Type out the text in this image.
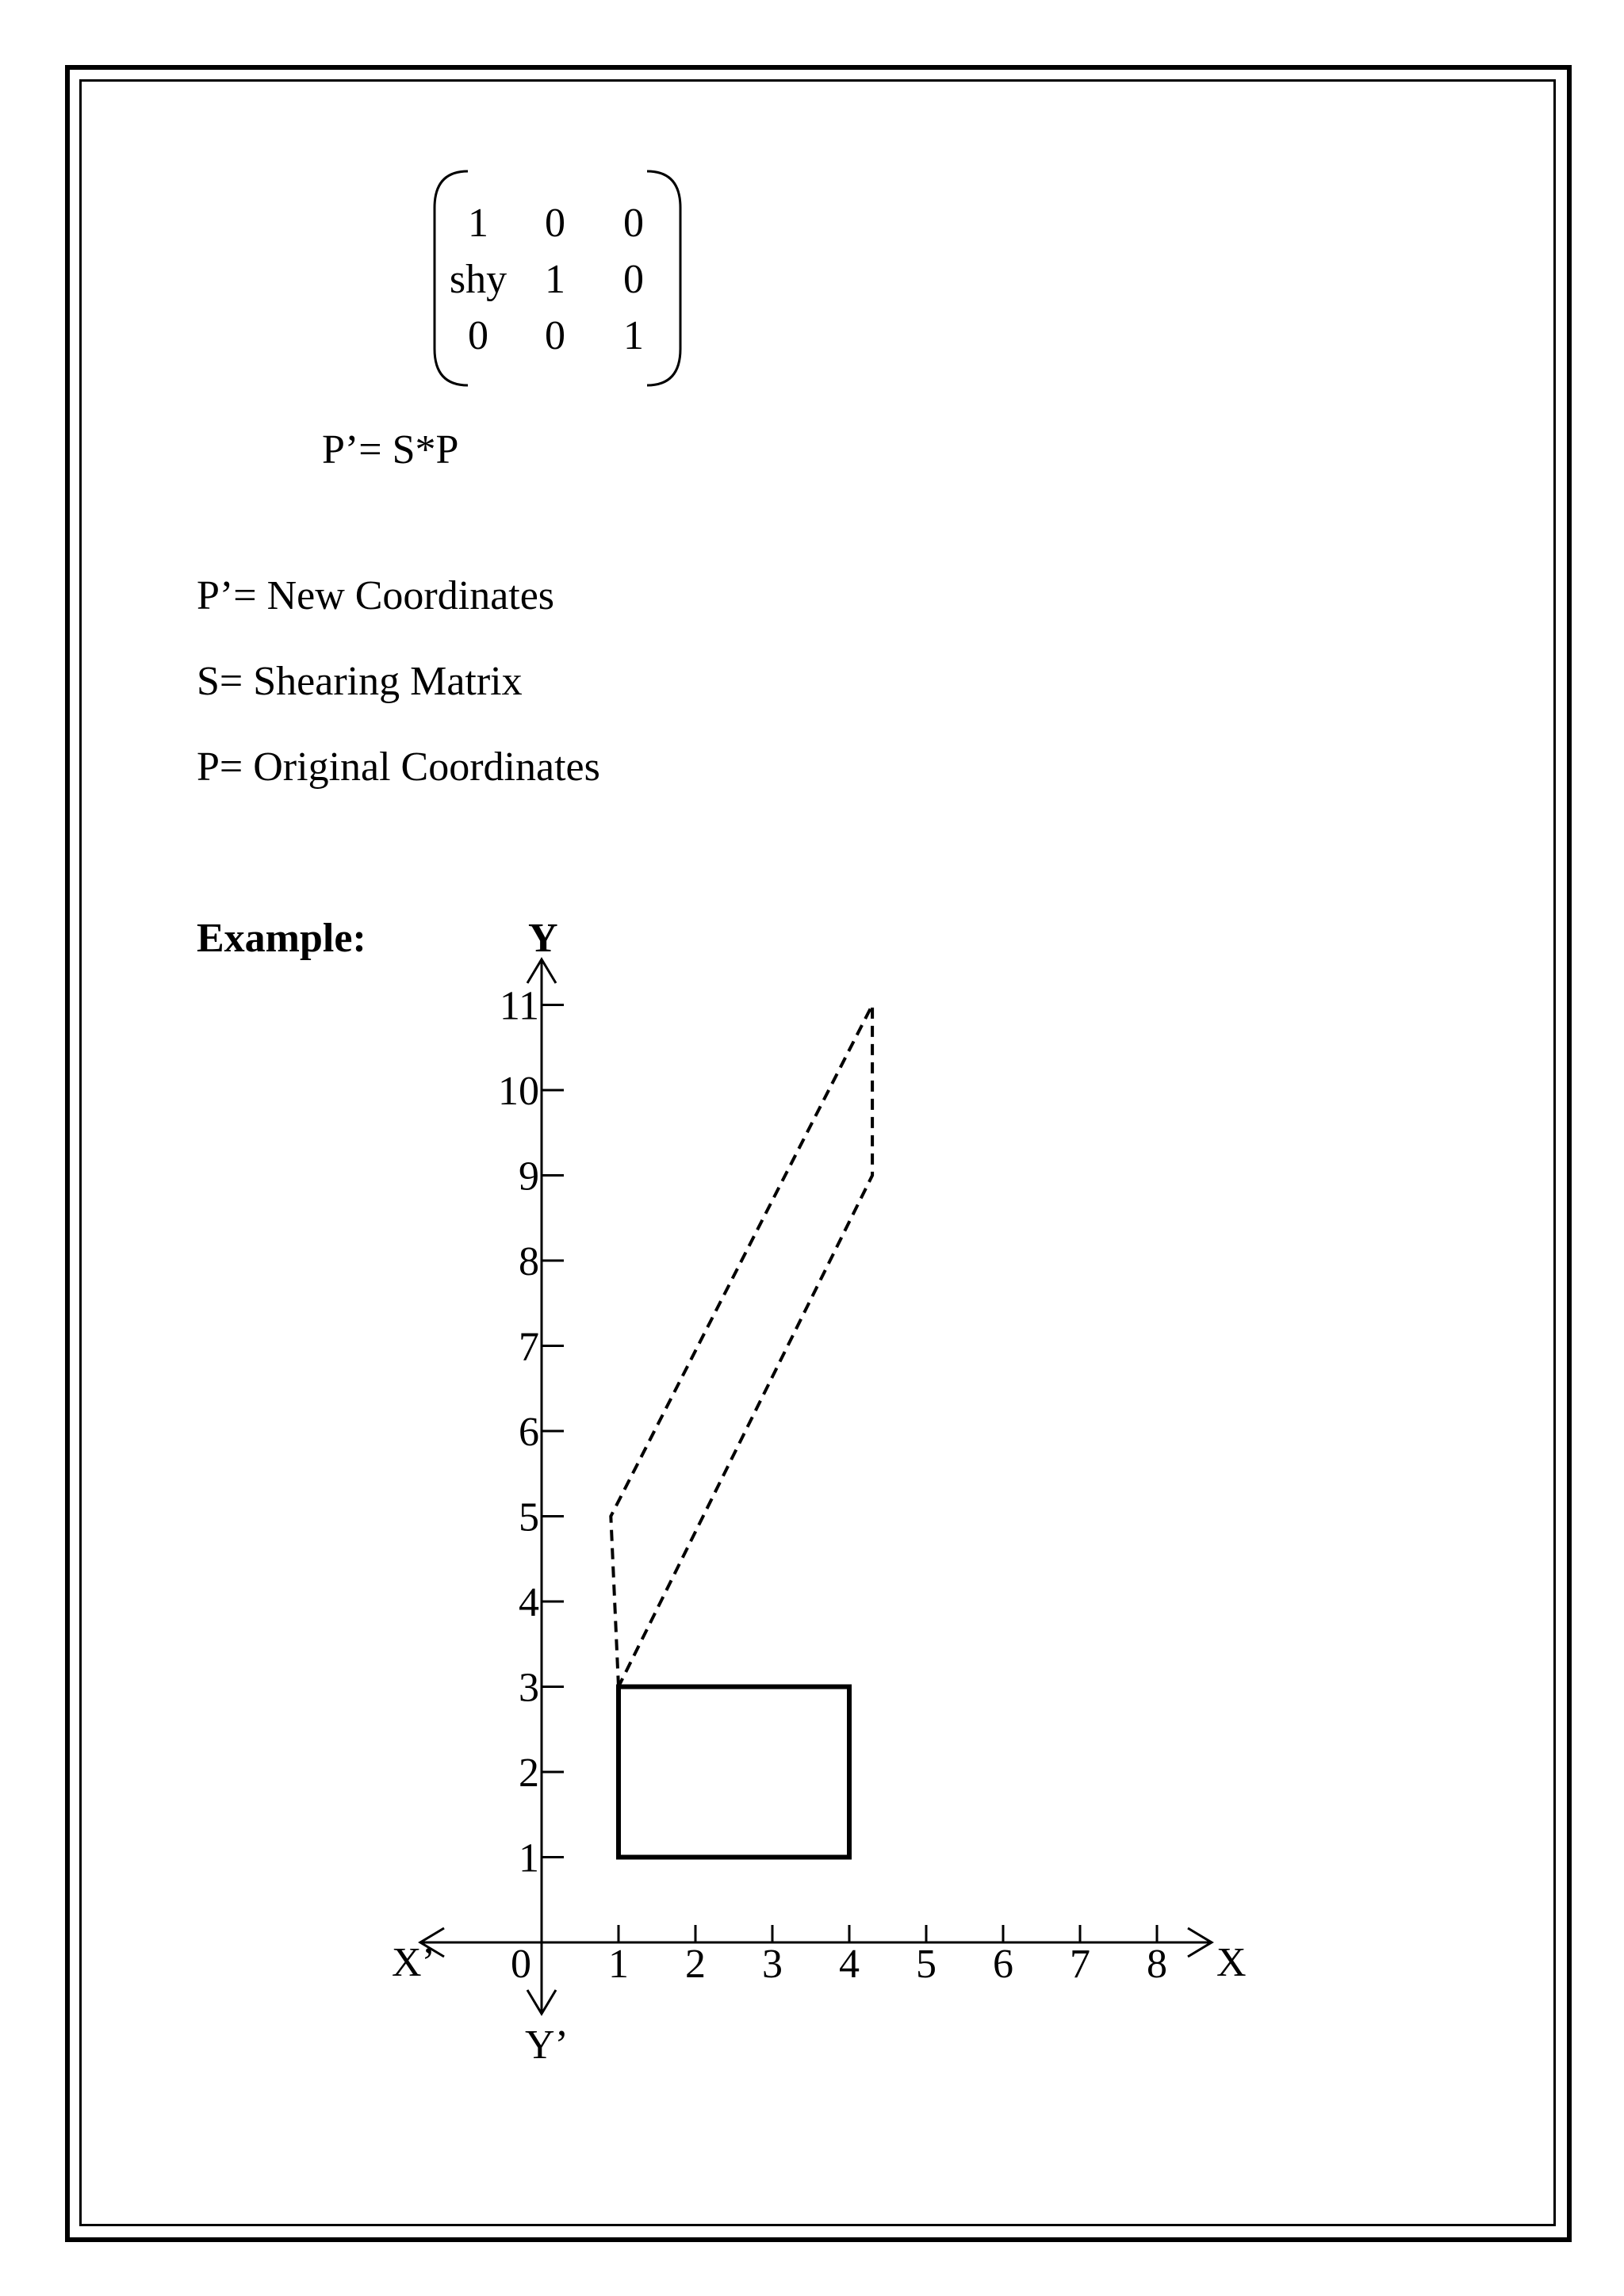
1	0	0
shy 1	0
0	0	1
P’= S*P
P’= New Coordinates
S= Shearing Matrix
P= Original Coordinates
Example:
X
X’
Y
Y’
0 1 2 3 4 5 6 7 8
1
2
3
4
5
6
7
8
9
10
11
